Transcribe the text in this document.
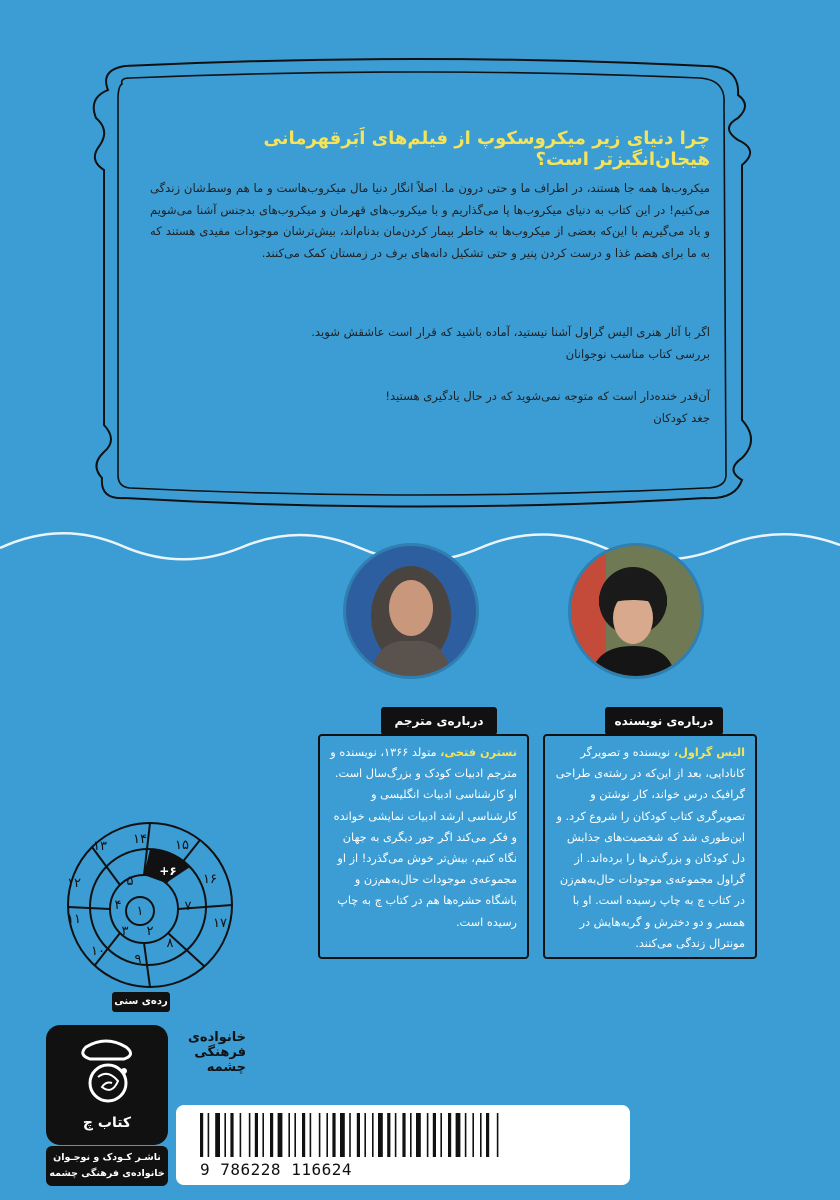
چرا دنیای زیر میکروسکوپ از فیلم‌های اَبَرقهرمانی هیجان‌انگیزتر است؟
میکروب‌ها همه جا هستند، در اطراف ما و حتی درون ما. اصلاً انگار دنیا مال میکروب‌هاست و ما هم وسط‌شان زندگی می‌کنیم! در این کتاب به دنیای میکروب‌ها پا می‌گذاریم و با میکروب‌های قهرمان و میکروب‌های بدجنس آشنا می‌شویم و یاد می‌گیریم با این‌که بعضی از میکروب‌ها به خاطر بیمار کردن‌مان بدنام‌اند، بیش‌ترشان موجودات مفیدی هستند که به ما برای هضم غذا و درست کردن پنیر و حتی تشکیل دانه‌های برف در زمستان کمک می‌کنند.
اگر با آثار هنری الیس گراول آشنا نیستید، آماده باشید که قرار است عاشقش شوید.
بررسی کتاب مناسب نوجوانان
آن‌قدر خنده‌دار است که متوجه نمی‌شوید که در حال یادگیری هستید!
جغد کودکان
درباره‌ی مترجم	درباره‌ی نویسنده
نسترن فتحی، متولد ۱۳۶۶، نویسنده و مترجم ادبیات کودک و بزرگ‌سال است. او کارشناسی ادبیات انگلیسی و کارشناسی ارشد ادبیات نمایشی خوانده و فکر می‌کند اگر جور دیگری به جهان نگاه کنیم، بیش‌تر خوش می‌گذرد! از او مجموعه‌ی موجودات حال‌به‌هم‌زن و باشگاه حشره‌ها هم در کتاب چ به چاپ رسیده است.
الیس گراول، نویسنده و تصویرگر کانادایی، بعد از این‌که در رشته‌ی طراحی گرافیک درس خواند، کار نوشتن و تصویرگری کتاب کودکان را شروع کرد. و این‌طوری شد که شخصیت‌های جذابش دل کودکان و بزرگ‌ترها را برده‌اند. از گراول مجموعه‌ی موجودات حال‌به‌هم‌زن در کتاب چ به چاپ رسیده است. او با همسر و دو دخترش و گربه‌هایش در مونترال زندگی می‌کنند.
+۶
۱
۲
۳
۴
۵
۷
۸
۹
۱۰
۱۱
۱۲
۱۳ ۱۴ ۱۵
۱۶
۱۷
رده‌ی سنی
کتاب چ
ناشـر کـودک و نوجـوان
خانواده‌ی فرهنگی چشمه
خانواده‌ی
فرهنگی
چشمه
9 786228 116624
